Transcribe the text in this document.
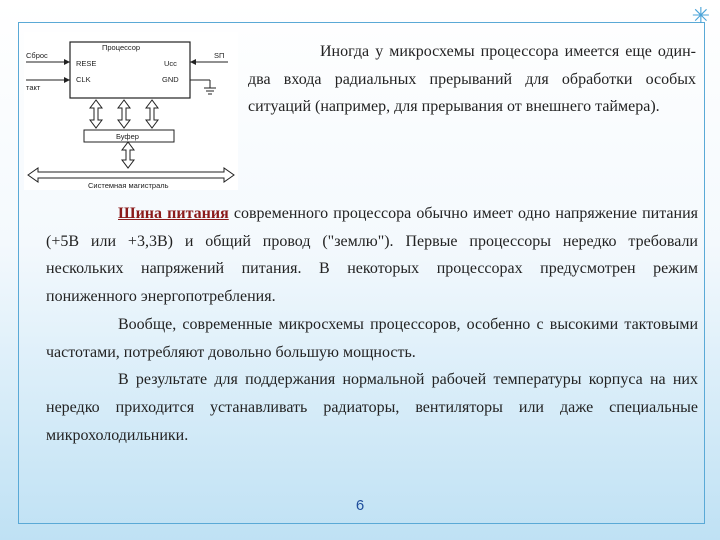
✳
Процессор
RESE
CLK
Ucc
GND
Сброс
такт
SП
Буфер
Системная магистраль

Иногда у микросхемы процессора имеется еще один-два входа радиальных прерываний для обработки особых ситуаций (например, для прерывания от внешнего таймера).

Шина питания современного процессора обычно имеет одно напряжение питания (+5В или +3,3В) и общий провод ("землю"). Первые процессоры нередко требовали нескольких напряжений питания. В некоторых процессорах предусмотрен режим пониженного энергопотребления.

Вообще, современные микросхемы процессоров, особенно с высокими тактовыми частотами, потребляют довольно большую мощность.

В результате для поддержания нормальной рабочей температуры корпуса на них нередко приходится устанавливать радиаторы, вентиляторы или даже специальные микрохолодильники.

6
